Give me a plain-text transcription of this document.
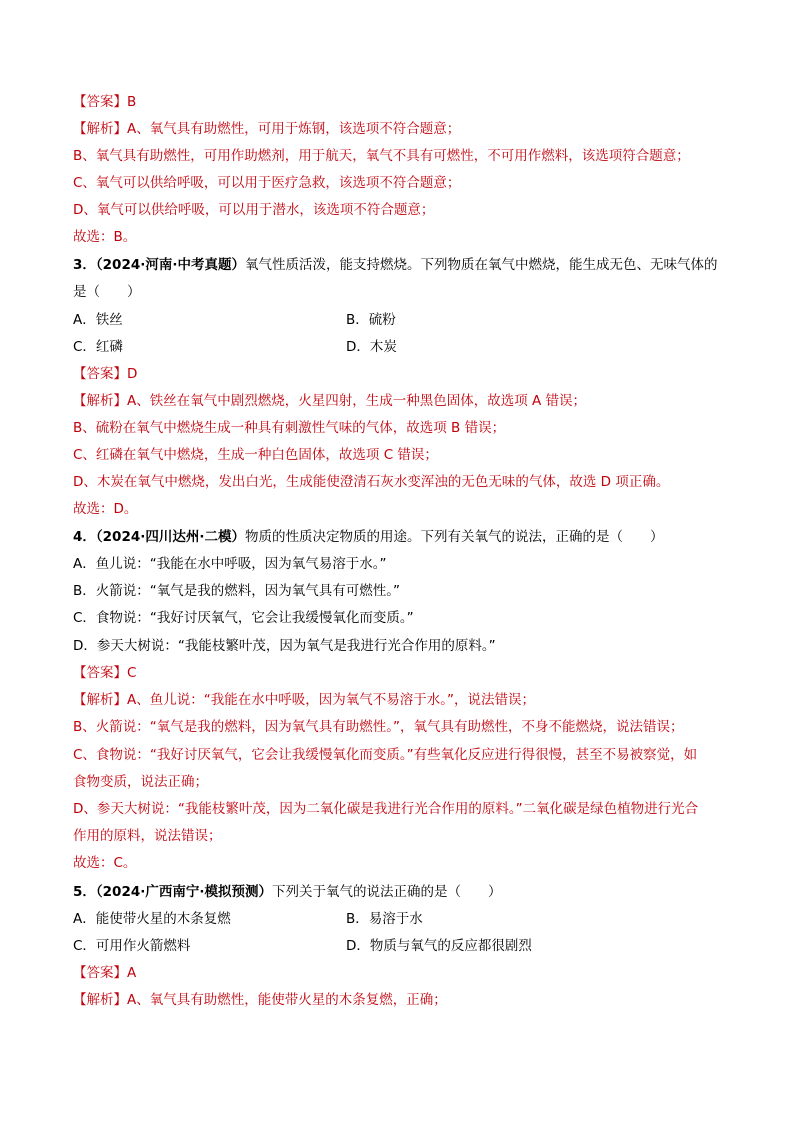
【答案】B
【解析】A、氧气具有助燃性，可用于炼钢，该选项不符合题意；
B、氧气具有助燃性，可用作助燃剂，用于航天，氧气不具有可燃性，不可用作燃料，该选项符合题意；
C、氧气可以供给呼吸，可以用于医疗急救，该选项不符合题意；
D、氧气可以供给呼吸，可以用于潜水，该选项不符合题意；
故选：B。
3．（2024·河南·中考真题）氧气性质活泼，能支持燃烧。下列物质在氧气中燃烧，能生成无色、无味气体的
是（　　）
A．铁丝	B．硫粉
C．红磷	D．木炭
【答案】D
【解析】A、铁丝在氧气中剧烈燃烧，火星四射，生成一种黑色固体，故选项 A 错误；
B、硫粉在氧气中燃烧生成一种具有刺激性气味的气体，故选项 B 错误；
C、红磷在氧气中燃烧，生成一种白色固体，故选项 C 错误；
D、木炭在氧气中燃烧，发出白光，生成能使澄清石灰水变浑浊的无色无味的气体，故选 D 项正确。
故选：D。
4．（2024·四川达州·二模）物质的性质决定物质的用途。下列有关氧气的说法，正确的是（　　）
A．鱼儿说：“我能在水中呼吸，因为氧气易溶于水。”
B．火箭说：“氧气是我的燃料，因为氧气具有可燃性。”
C．食物说：“我好讨厌氧气，它会让我缓慢氧化而变质。”
D．参天大树说：“我能枝繁叶茂，因为氧气是我进行光合作用的原料。”
【答案】C
【解析】A、鱼儿说：“我能在水中呼吸，因为氧气不易溶于水。”，说法错误；
B、火箭说：“氧气是我的燃料，因为氧气具有助燃性。”，氧气具有助燃性，不身不能燃烧，说法错误；
C、食物说：“我好讨厌氧气，它会让我缓慢氧化而变质。”有些氧化反应进行得很慢，甚至不易被察觉，如
食物变质，说法正确；
D、参天大树说：“我能枝繁叶茂，因为二氧化碳是我进行光合作用的原料。”二氧化碳是绿色植物进行光合
作用的原料，说法错误；
故选：C。
5．（2024·广西南宁·模拟预测）下列关于氧气的说法正确的是（　　）
A．能使带火星的木条复燃	B．易溶于水
C．可用作火箭燃料	D．物质与氧气的反应都很剧烈
【答案】A
【解析】A、氧气具有助燃性，能使带火星的木条复燃，正确；
